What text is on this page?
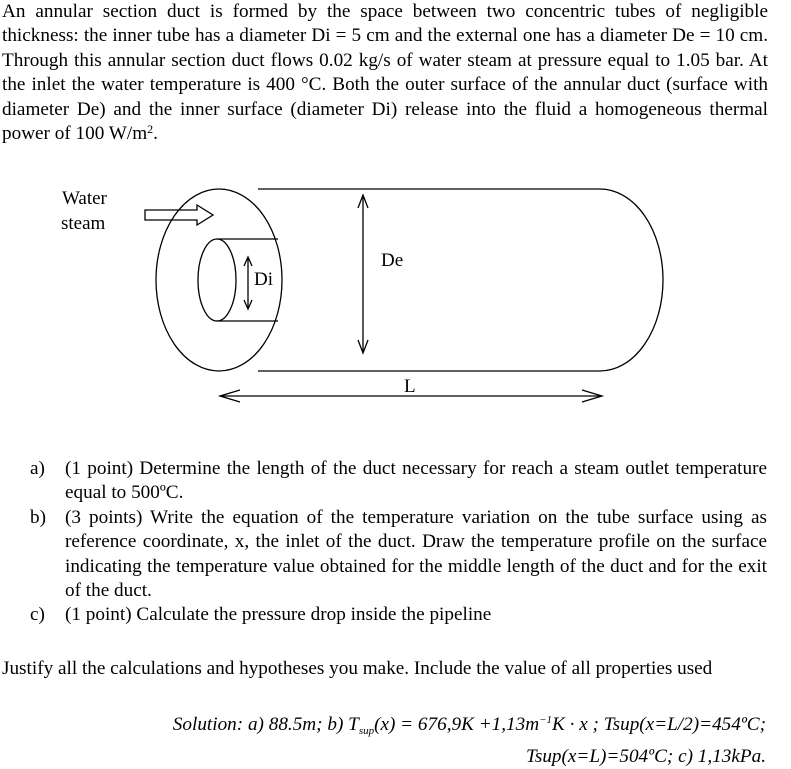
An annular section duct is formed by the space between two concentric tubes of negligible thickness: the inner tube has a diameter Di = 5 cm and the external one has a diameter De = 10 cm. Through this annular section duct flows 0.02 kg/s of water steam at pressure equal to 1.05 bar. At the inlet the water temperature is 400 °C. Both the outer surface of the annular duct (surface with diameter De) and the inner surface (diameter Di) release into the fluid a homogeneous thermal power of 100 $W/m^2$.
Water
steam
Di
De
L
a) (1 point) Determine the length of the duct necessary for reach a steam outlet temperature equal to 500ºC.
b) (3 points) Write the equation of the temperature variation on the tube surface using as reference coordinate, x, the inlet of the duct. Draw the temperature profile on the surface indicating the temperature value obtained for the middle length of the duct and for the exit of the duct.
c) (1 point) Calculate the pressure drop inside the pipeline
Justify all the calculations and hypotheses you make. Include the value of all properties used
Solution: a) 88.5m; b) $T_{sup}(x) = 676,9K +1,13m^{-1}K \cdot x$ ; Tsup(x=L/2)=454ºC;
Tsup(x=L)=504ºC; c) 1,13kPa.
